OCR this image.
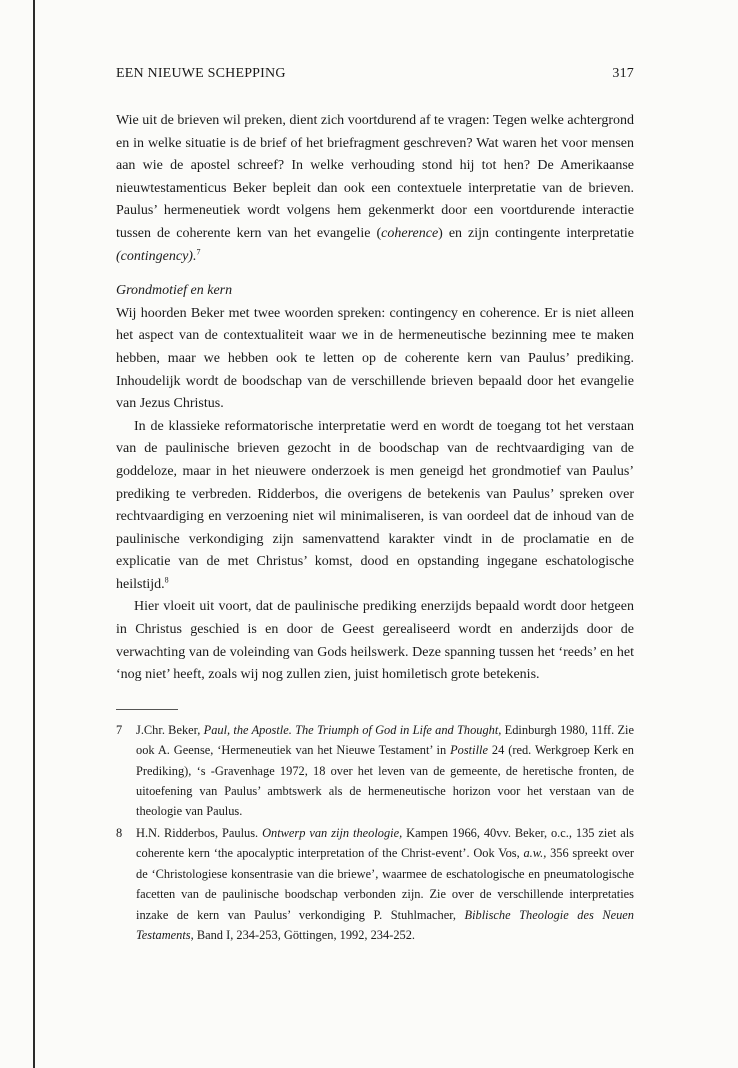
EEN NIEUWE SCHEPPING	317

Wie uit de brieven wil preken, dient zich voortdurend af te vragen: Tegen welke achtergrond en in welke situatie is de brief of het briefragment geschreven? Wat waren het voor mensen aan wie de apostel schreef? In welke verhouding stond hij tot hen? De Amerikaanse nieuwtestamenticus Beker bepleit dan ook een contextuele interpretatie van de brieven. Paulus’ hermeneutiek wordt volgens hem gekenmerkt door een voortdurende interactie tussen de coherente kern van het evangelie (coherence) en zijn contingente interpretatie (contingency).$^7$

Grondmotief en kern

Wij hoorden Beker met twee woorden spreken: contingency en coherence. Er is niet alleen het aspect van de contextualiteit waar we in de hermeneutische bezinning mee te maken hebben, maar we hebben ook te letten op de coherente kern van Paulus’ prediking. Inhoudelijk wordt de boodschap van de verschillende brieven bepaald door het evangelie van Jezus Christus.

In de klassieke reformatorische interpretatie werd en wordt de toegang tot het verstaan van de paulinische brieven gezocht in de boodschap van de rechtvaardiging van de goddeloze, maar in het nieuwere onderzoek is men geneigd het grondmotief van Paulus’ prediking te verbreden. Ridderbos, die overigens de betekenis van Paulus’ spreken over rechtvaardiging en verzoening niet wil minimaliseren, is van oordeel dat de inhoud van de paulinische verkondiging zijn samenvattend karakter vindt in de proclamatie en de explicatie van de met Christus’ komst, dood en opstanding ingegane eschatologische heilstijd.$^8$

Hier vloeit uit voort, dat de paulinische prediking enerzijds bepaald wordt door hetgeen in Christus geschied is en door de Geest gerealiseerd wordt en anderzijds door de verwachting van de voleinding van Gods heilswerk. Deze spanning tussen het ‘reeds’ en het ‘nog niet’ heeft, zoals wij nog zullen zien, juist homiletisch grote betekenis.

7	J.Chr. Beker, Paul, the Apostle. The Triumph of God in Life and Thought, Edinburgh 1980, 11ff. Zie ook A. Geense, ‘Hermeneutiek van het Nieuwe Testament’ in Postille 24 (red. Werkgroep Kerk en Prediking), ‘s -Gravenhage 1972, 18 over het leven van de gemeente, de heretische fronten, de uitoefening van Paulus’ ambtswerk als de hermeneutische horizon voor het verstaan van de theologie van Paulus.
8	H.N. Ridderbos, Paulus. Ontwerp van zijn theologie, Kampen 1966, 40vv. Beker, o.c., 135 ziet als coherente kern ‘the apocalyptic interpretation of the Christ-event’. Ook Vos, a.w., 356 spreekt over de ‘Christologiese konsentrasie van die briewe’, waarmee de eschatologische en pneumatologische facetten van de paulinische boodschap verbonden zijn. Zie over de verschillende interpretaties inzake de kern van Paulus’ verkondiging P. Stuhlmacher, Biblische Theologie des Neuen Testaments, Band I, 234-253, Göttingen, 1992, 234-252.
